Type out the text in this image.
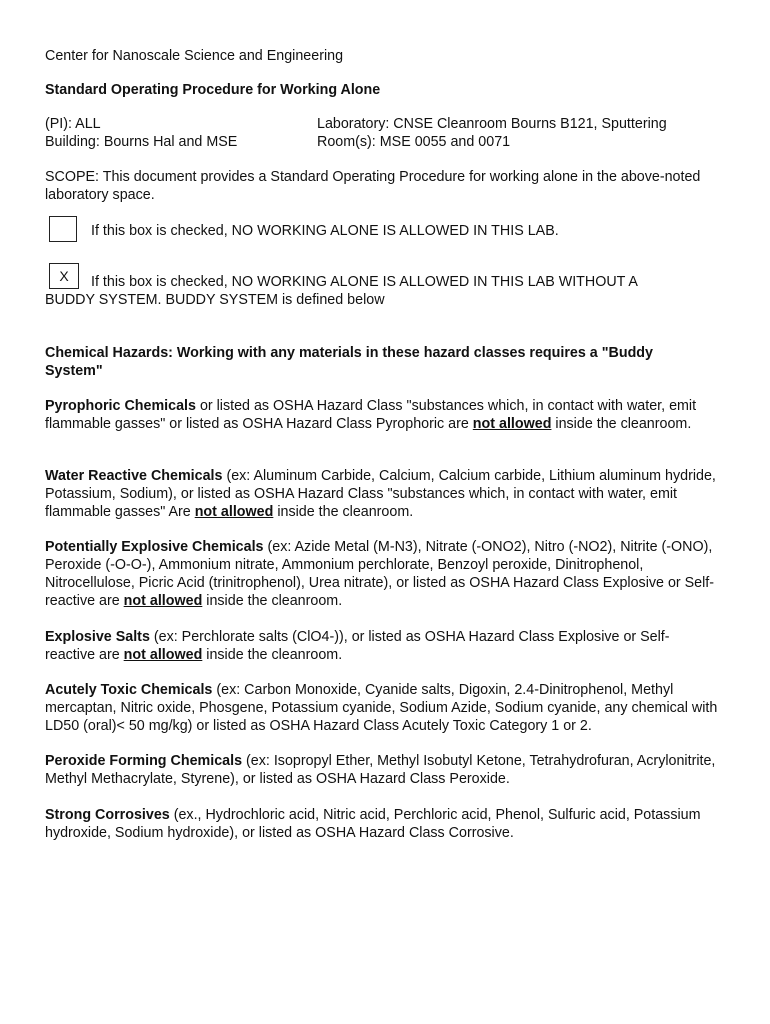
Center for Nanoscale Science and Engineering
Standard Operating Procedure for Working Alone
(PI): ALL
Building: Bourns Hal and MSE
Laboratory: CNSE Cleanroom Bourns B121, Sputtering
Room(s): MSE 0055 and 0071
SCOPE: This document provides a Standard Operating Procedure for working alone in the above-noted laboratory space.
If this box is checked, NO WORKING ALONE IS ALLOWED IN THIS LAB.
X	If this box is checked, NO WORKING ALONE IS ALLOWED IN THIS LAB WITHOUT A
BUDDY SYSTEM. BUDDY SYSTEM is defined below
Chemical Hazards: Working with any materials in these hazard classes requires a "Buddy System"

Pyrophoric Chemicals or listed as OSHA Hazard Class "substances which, in contact with water, emit flammable gasses" or listed as OSHA Hazard Class Pyrophoric are not allowed inside the cleanroom.

Water Reactive Chemicals (ex: Aluminum Carbide, Calcium, Calcium carbide, Lithium aluminum hydride, Potassium, Sodium), or listed as OSHA Hazard Class "substances which, in contact with water, emit flammable gasses" Are not allowed inside the cleanroom.

Potentially Explosive Chemicals (ex: Azide Metal (M-N3), Nitrate (-ONO2), Nitro (-NO2), Nitrite (-ONO), Peroxide (-O-O-), Ammonium nitrate, Ammonium perchlorate, Benzoyl peroxide, Dinitrophenol, Nitrocellulose, Picric Acid (trinitrophenol), Urea nitrate), or listed as OSHA Hazard Class Explosive or Self-reactive are not allowed inside the cleanroom.

Explosive Salts (ex: Perchlorate salts (ClO4-)), or listed as OSHA Hazard Class Explosive or Self-reactive are not allowed inside the cleanroom.

Acutely Toxic Chemicals (ex: Carbon Monoxide, Cyanide salts, Digoxin, 2.4-Dinitrophenol, Methyl mercaptan, Nitric oxide, Phosgene, Potassium cyanide, Sodium Azide, Sodium cyanide, any chemical with LD50 (oral)< 50 mg/kg) or listed as OSHA Hazard Class Acutely Toxic Category 1 or 2.

Peroxide Forming Chemicals (ex: Isopropyl Ether, Methyl Isobutyl Ketone, Tetrahydrofuran, Acrylonitrite, Methyl Methacrylate, Styrene), or listed as OSHA Hazard Class Peroxide.

Strong Corrosives (ex., Hydrochloric acid, Nitric acid, Perchloric acid, Phenol, Sulfuric acid, Potassium hydroxide, Sodium hydroxide), or listed as OSHA Hazard Class Corrosive.
